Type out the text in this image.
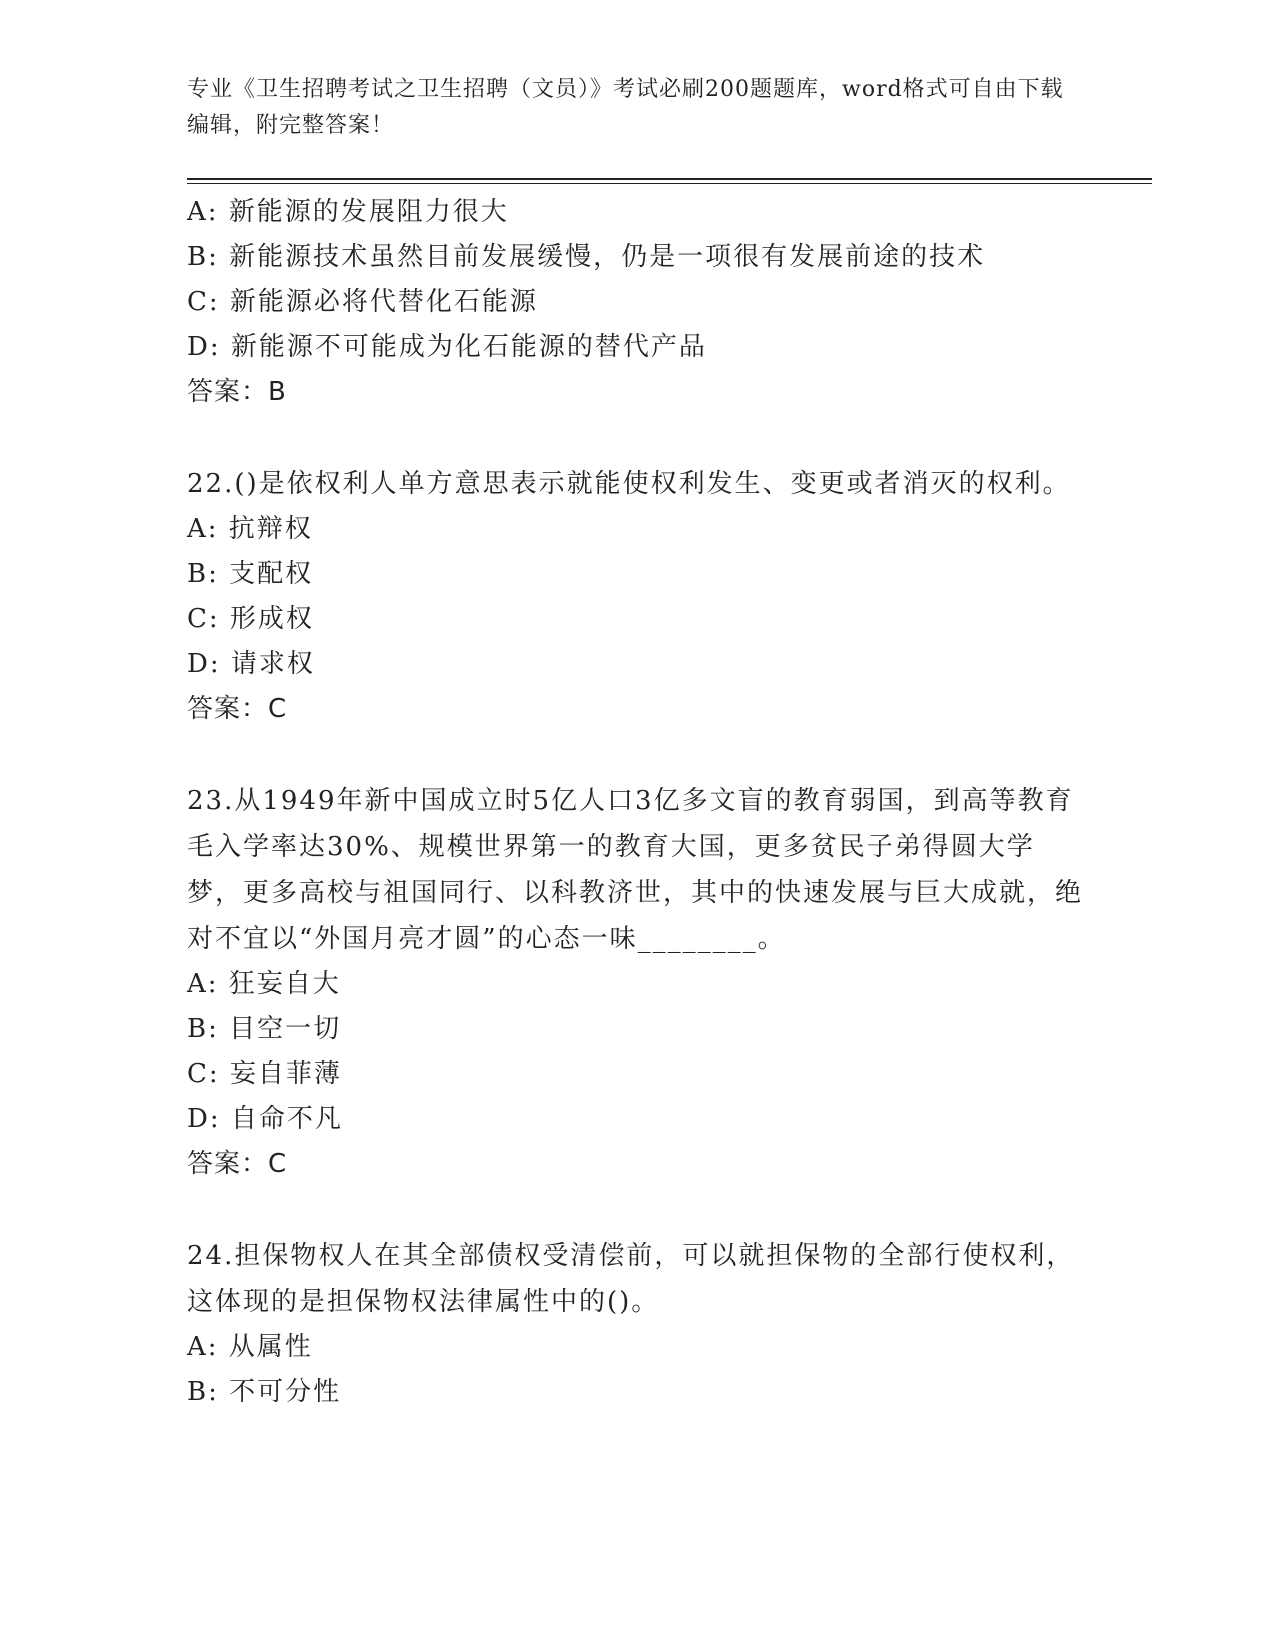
专业《卫生招聘考试之卫生招聘（文员）》考试必刷200题题库，word格式可自由下载编辑，附完整答案！
A: 新能源的发展阻力很大
B: 新能源技术虽然目前发展缓慢，仍是一项很有发展前途的技术
C: 新能源必将代替化石能源
D: 新能源不可能成为化石能源的替代产品
答案：B
22.()是依权利人单方意思表示就能使权利发生、变更或者消灭的权利。
A: 抗辩权
B: 支配权
C: 形成权
D: 请求权
答案：C
23.从1949年新中国成立时5亿人口3亿多文盲的教育弱国，到高等教育毛入学率达30%、规模世界第一的教育大国，更多贫民子弟得圆大学梦，更多高校与祖国同行、以科教济世，其中的快速发展与巨大成就，绝对不宜以“外国月亮才圆”的心态一味________。
A: 狂妄自大
B: 目空一切
C: 妄自菲薄
D: 自命不凡
答案：C
24.担保物权人在其全部债权受清偿前，可以就担保物的全部行使权利，这体现的是担保物权法律属性中的()。
A: 从属性
B: 不可分性
